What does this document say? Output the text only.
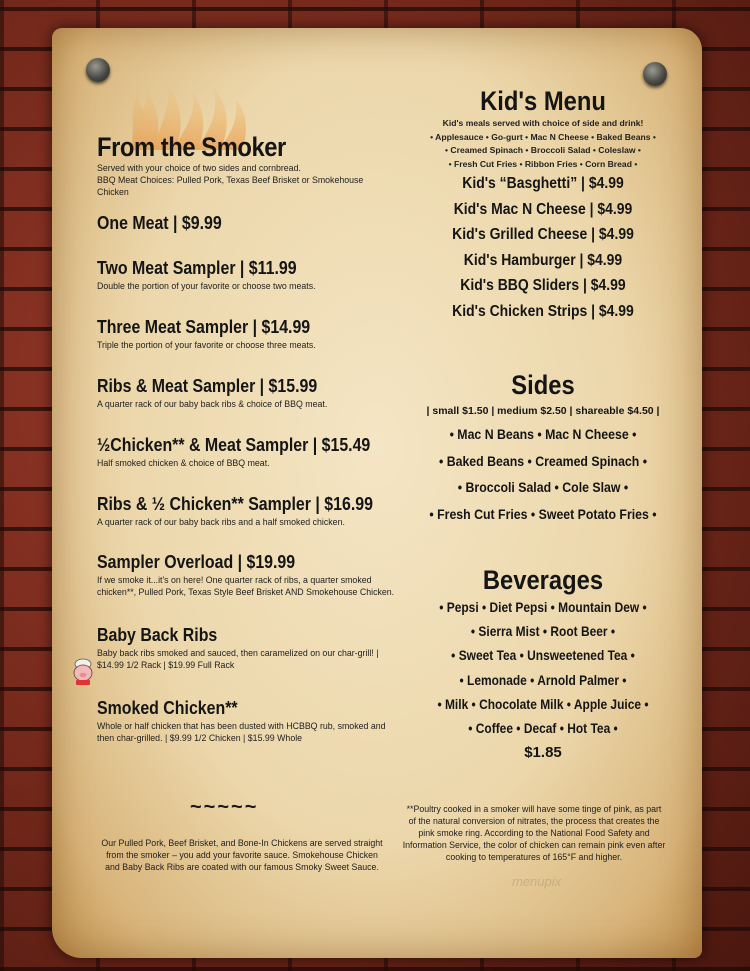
From the Smoker

Served with your choice of two sides and cornbread.

BBQ Meat Choices: Pulled Pork, Texas Beef Brisket or Smokehouse Chicken

One Meat | $9.99

Two Meat Sampler | $11.99

Double the portion of your favorite or choose two meats.

Three Meat Sampler | $14.99

Triple the portion of your favorite or choose three meats.

Ribs & Meat Sampler | $15.99

A quarter rack of our baby back ribs & choice of BBQ meat.

½Chicken** & Meat Sampler | $15.49

Half smoked chicken & choice of BBQ meat.

Ribs & ½ Chicken** Sampler | $16.99

A quarter rack of our baby back ribs and a half smoked chicken.

Sampler Overload | $19.99

If we smoke it...it's on here! One quarter rack of ribs, a quarter smoked chicken**, Pulled Pork, Texas Style Beef Brisket AND Smokehouse Chicken.

Baby Back Ribs

Baby back ribs smoked and sauced, then caramelized on our char-grill! | $14.99 1/2 Rack | $19.99 Full Rack

Smoked Chicken**

Whole or half chicken that has been dusted with HCBBQ rub, smoked and then char-grilled. | $9.99 1/2 Chicken | $15.99 Whole

~~~~~

Our Pulled Pork, Beef Brisket, and Bone-In Chickens are served straight from the smoker – you add your favorite sauce. Smokehouse Chicken and Baby Back Ribs are coated with our famous Smoky Sweet Sauce.

Kid's Menu

Kid's meals served with choice of side and drink!

• Applesauce • Go-gurt • Mac N Cheese • Baked Beans •

• Creamed Spinach • Broccoli Salad • Coleslaw •

• Fresh Cut Fries • Ribbon Fries • Corn Bread •

Kid's “Basghetti” | $4.99

Kid's Mac N Cheese | $4.99

Kid's Grilled Cheese | $4.99

Kid's Hamburger | $4.99

Kid's BBQ Sliders | $4.99

Kid's Chicken Strips | $4.99

Sides

| small $1.50 | medium $2.50 | shareable $4.50 |

• Mac N Beans • Mac N Cheese •

• Baked Beans • Creamed Spinach •

• Broccoli Salad • Cole Slaw •

• Fresh Cut Fries • Sweet Potato Fries •

Beverages

• Pepsi • Diet Pepsi • Mountain Dew •

• Sierra Mist • Root Beer •

• Sweet Tea • Unsweetened Tea •

• Lemonade • Arnold Palmer •

• Milk • Chocolate Milk • Apple Juice •

• Coffee • Decaf • Hot Tea •

$1.85

**Poultry cooked in a smoker will have some tinge of pink, as part of the natural conversion of nitrates, the process that creates the pink smoke ring. According to the National Food Safety and Information Service, the color of chicken can remain pink even after cooking to temperatures of 165°F and higher.

menupix
